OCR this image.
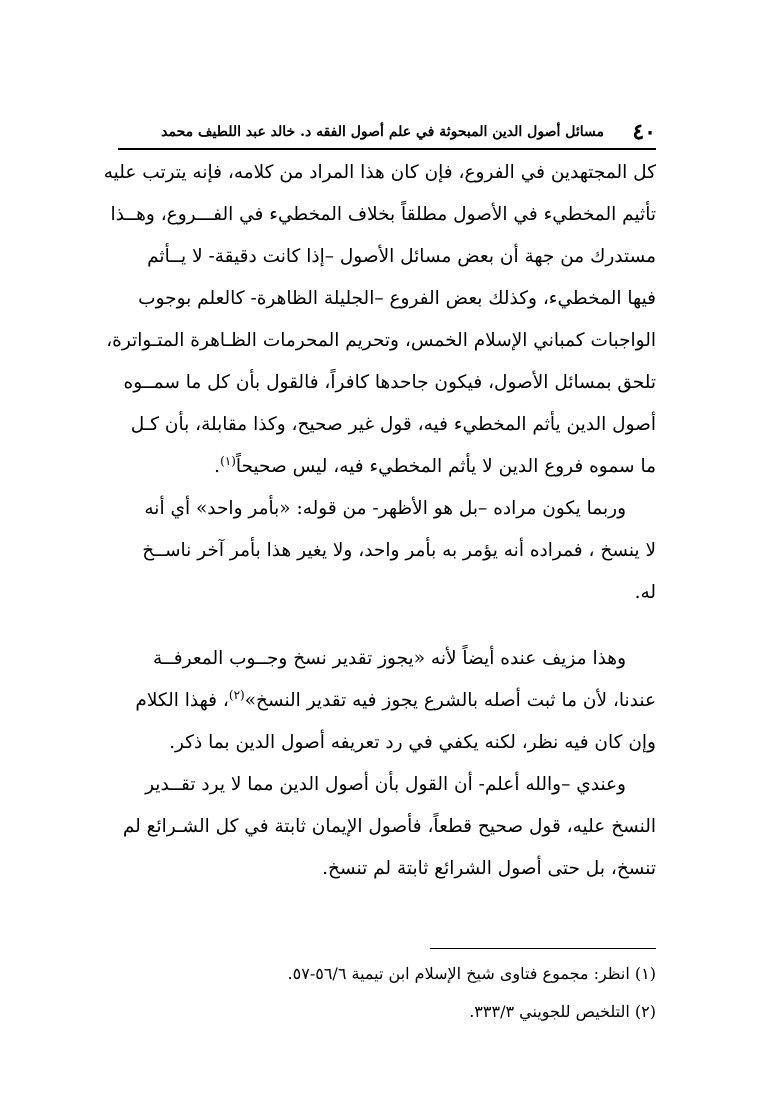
٤٠
مسائل أصول الدين المبحوثة في علم أصول الفقه د. خالد عبد اللطيف محمد
كل المجتهدين في الفروع، فإن كان هذا المراد من كلامه، فإنه يترتب عليه
تأثيم المخطيء في الأصول مطلقاً بخلاف المخطيء في الفـــروع، وهــذا
مستدرك من جهة أن بعض مسائل الأصول –إذا كانت دقيقة- لا يــأثم
فيها المخطيء، وكذلك بعض الفروع –الجليلة الظاهرة- كالعلم بوجوب
الواجبات كمباني الإسلام الخمس، وتحريم المحرمات الظـاهرة المتـواترة،
تلحق بمسائل الأصول، فيكون جاحدها كافراً، فالقول بأن كل ما سمــوه
أصول الدين يأثم المخطيء فيه، قول غير صحيح، وكذا مقابلة، بأن كـل
ما سموه فروع الدين لا يأثم المخطيء فيه، ليس صحيحاً$^{(١)}$.
وربما يكون مراده –بل هو الأظهر- من قوله: «بأمر واحد» أي أنه
لا ينسخ ، فمراده أنه يؤمر به بأمر واحد، ولا يغير هذا بأمر آخر ناســخ
له.
وهذا مزيف عنده أيضاً لأنه «يجوز تقدير نسخ وجــوب المعرفــة
عندنا، لأن ما ثبت أصله بالشرع يجوز فيه تقدير النسخ»$^{(٢)}$، فهذا الكلام
وإن كان فيه نظر، لكنه يكفي في رد تعريفه أصول الدين بما ذكر.
وعندي –والله أعلم- أن القول بأن أصول الدين مما لا يرد تقــدير
النسخ عليه، قول صحيح قطعاً، فأصول الإيمان ثابتة في كل الشـرائع لم
تنسخ، بل حتى أصول الشرائع ثابتة لم تنسخ.
(١) انظر: مجموع فتاوى شيخ الإسلام ابن تيمية ٥٦/٦-٥٧.
(٢) التلخيص للجويني ٣٣٣/٣.
